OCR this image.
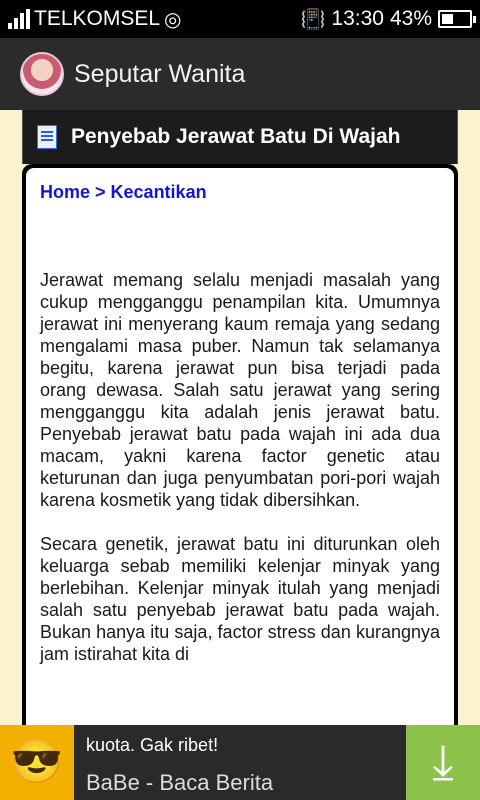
TELKOMSEL ◎	📳 13:30 43%
Seputar Wanita
Penyebab Jerawat Batu Di Wajah
Home > Kecantikan

Jerawat memang selalu menjadi masalah yang cukup mengganggu penampilan kita. Umumnya jerawat ini menyerang kaum remaja yang sedang mengalami masa puber. Namun tak selamanya begitu, karena jerawat pun bisa terjadi pada orang dewasa. Salah satu jerawat yang sering mengganggu kita adalah jenis jerawat batu. Penyebab jerawat batu pada wajah ini ada dua macam, yakni karena factor genetic atau keturunan dan juga penyumbatan pori-pori wajah karena kosmetik yang tidak dibersihkan.

Secara genetik, jerawat batu ini diturunkan oleh keluarga sebab memiliki kelenjar minyak yang berlebihan. Kelenjar minyak itulah yang menjadi salah satu penyebab jerawat batu pada wajah. Bukan hanya itu saja, factor stress dan kurangnya jam istirahat kita di

😎	kuota. Gak ribet!
BaBe - Baca Berita	⤓
